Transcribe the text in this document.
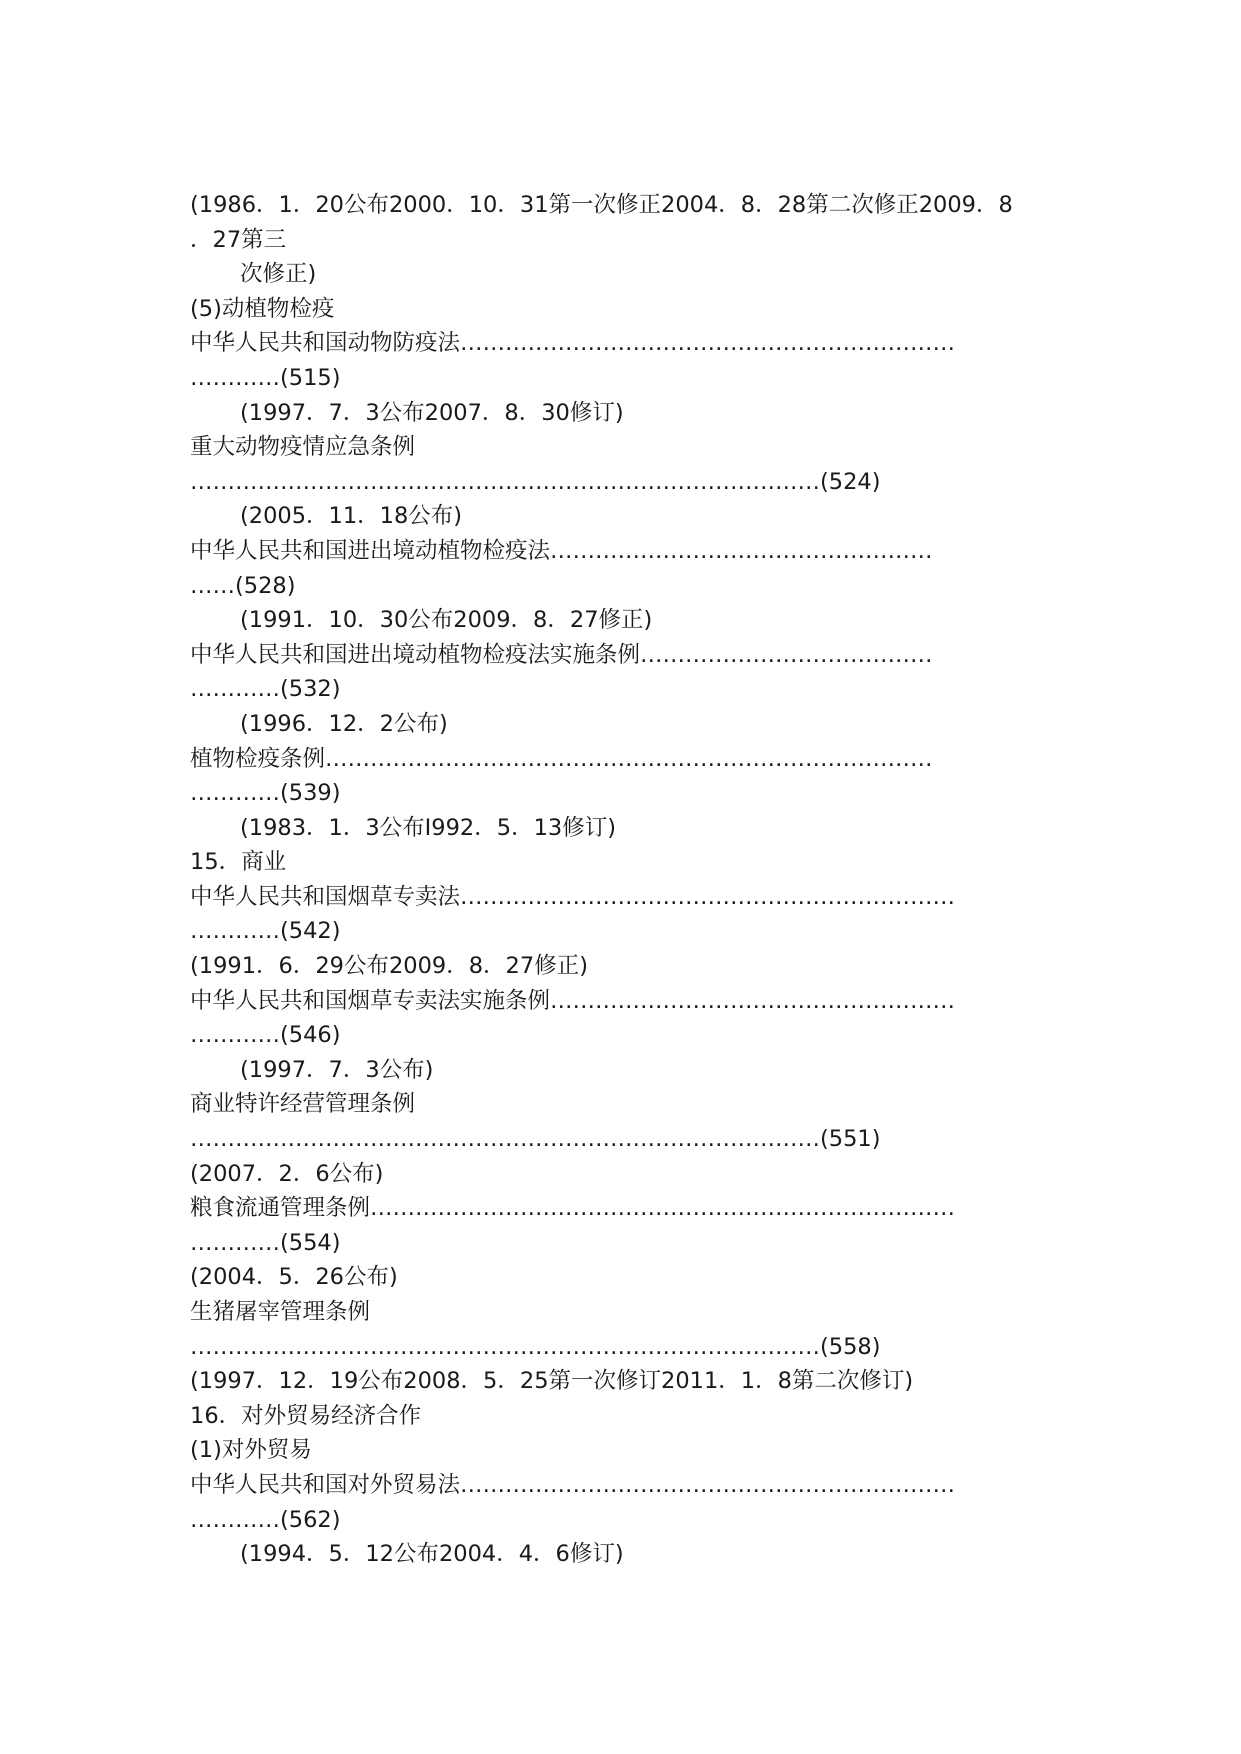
(1986．1．20公布2000．10．31第一次修正2004．8．28第二次修正2009．8
．27第三
次修正)
(5)动植物检疫
中华人民共和国动物防疫法…………………………………………………………
…………(515)
(1997．7．3公布2007．8．30修订)
重大动物疫情应急条例
…………………………………………………………………………(524)
(2005．11．18公布)
中华人民共和国进出境动植物检疫法……………………………………………
……(528)
(1991．10．30公布2009．8．27修正)
中华人民共和国进出境动植物检疫法实施条例…………………………………
…………(532)
(1996．12．2公布)
植物检疫条例………………………………………………………………………
…………(539)
(1983．1．3公布I992．5．13修订)
15．商业
中华人民共和国烟草专卖法…………………………………………………………
…………(542)
(1991．6．29公布2009．8．27修正)
中华人民共和国烟草专卖法实施条例………………………………………………
…………(546)
(1997．7．3公布)
商业特许经营管理条例
…………………………………………………………………………(551)
(2007．2．6公布)
粮食流通管理条例……………………………………………………………………
…………(554)
(2004．5．26公布)
生猪屠宰管理条例
…………………………………………………………………………(558)
(1997．12．19公布2008．5．25第一次修订2011．1．8第二次修订)
16．对外贸易经济合作
(1)对外贸易
中华人民共和国对外贸易法…………………………………………………………
…………(562)
(1994．5．12公布2004．4．6修订)
